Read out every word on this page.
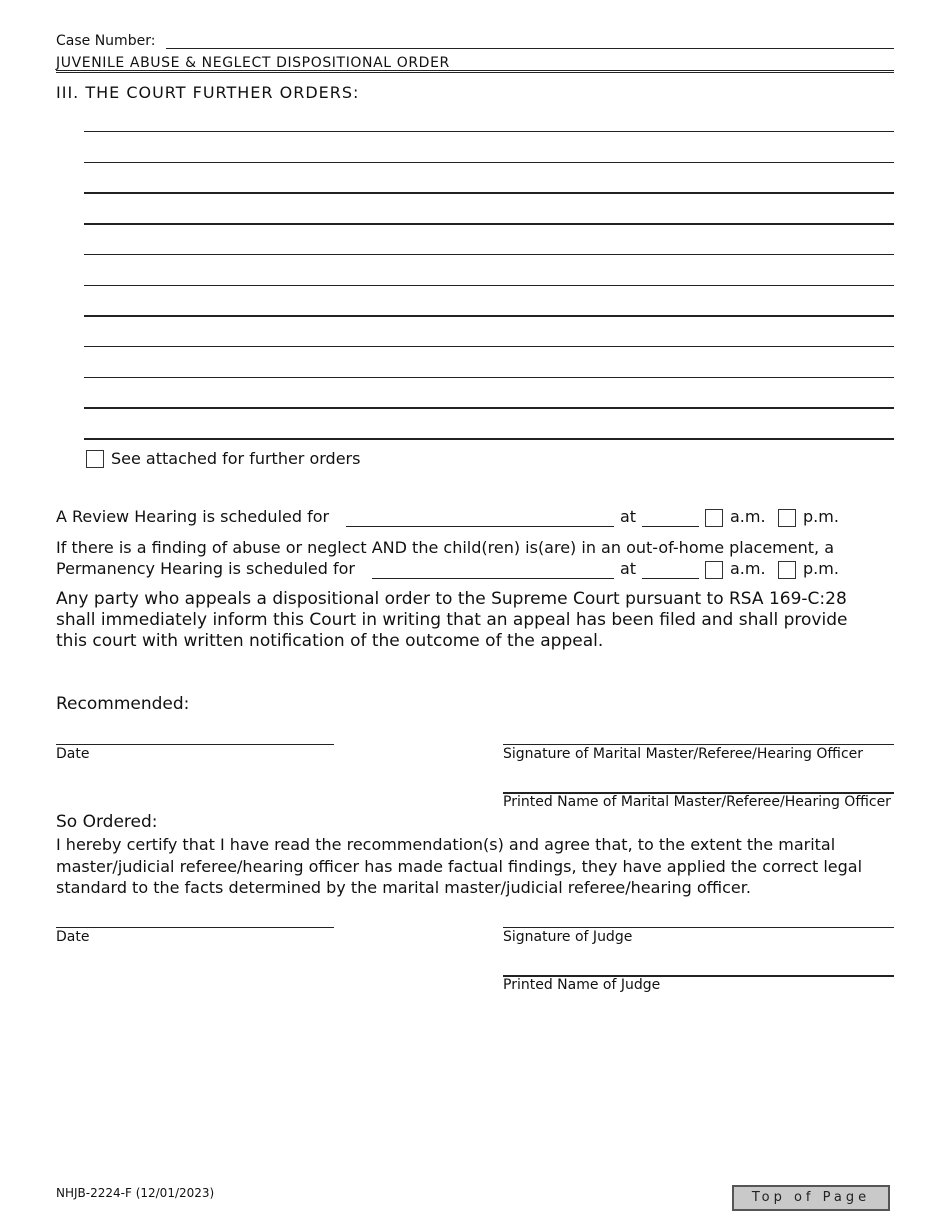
Case Number:
JUVENILE ABUSE & NEGLECT DISPOSITIONAL ORDER
III. THE COURT FURTHER ORDERS:
See attached for further orders
A Review Hearing is scheduled for	at	a.m. p.m.
If there is a finding of abuse or neglect AND the child(ren) is(are) in an out-of-home placement, a
Permanency Hearing is scheduled for	at	a.m. p.m.
Any party who appeals a dispositional order to the Supreme Court pursuant to RSA 169-C:28
shall immediately inform this Court in writing that an appeal has been filed and shall provide
this court with written notification of the outcome of the appeal.
Recommended:
Date	Signature of Marital Master/Referee/Hearing Officer
Printed Name of Marital Master/Referee/Hearing Officer
So Ordered:
I hereby certify that I have read the recommendation(s) and agree that, to the extent the marital
master/judicial referee/hearing officer has made factual findings, they have applied the correct legal
standard to the facts determined by the marital master/judicial referee/hearing officer.
Date	Signature of Judge
Printed Name of Judge
NHJB-2224-F (12/01/2023)	Top of Page
